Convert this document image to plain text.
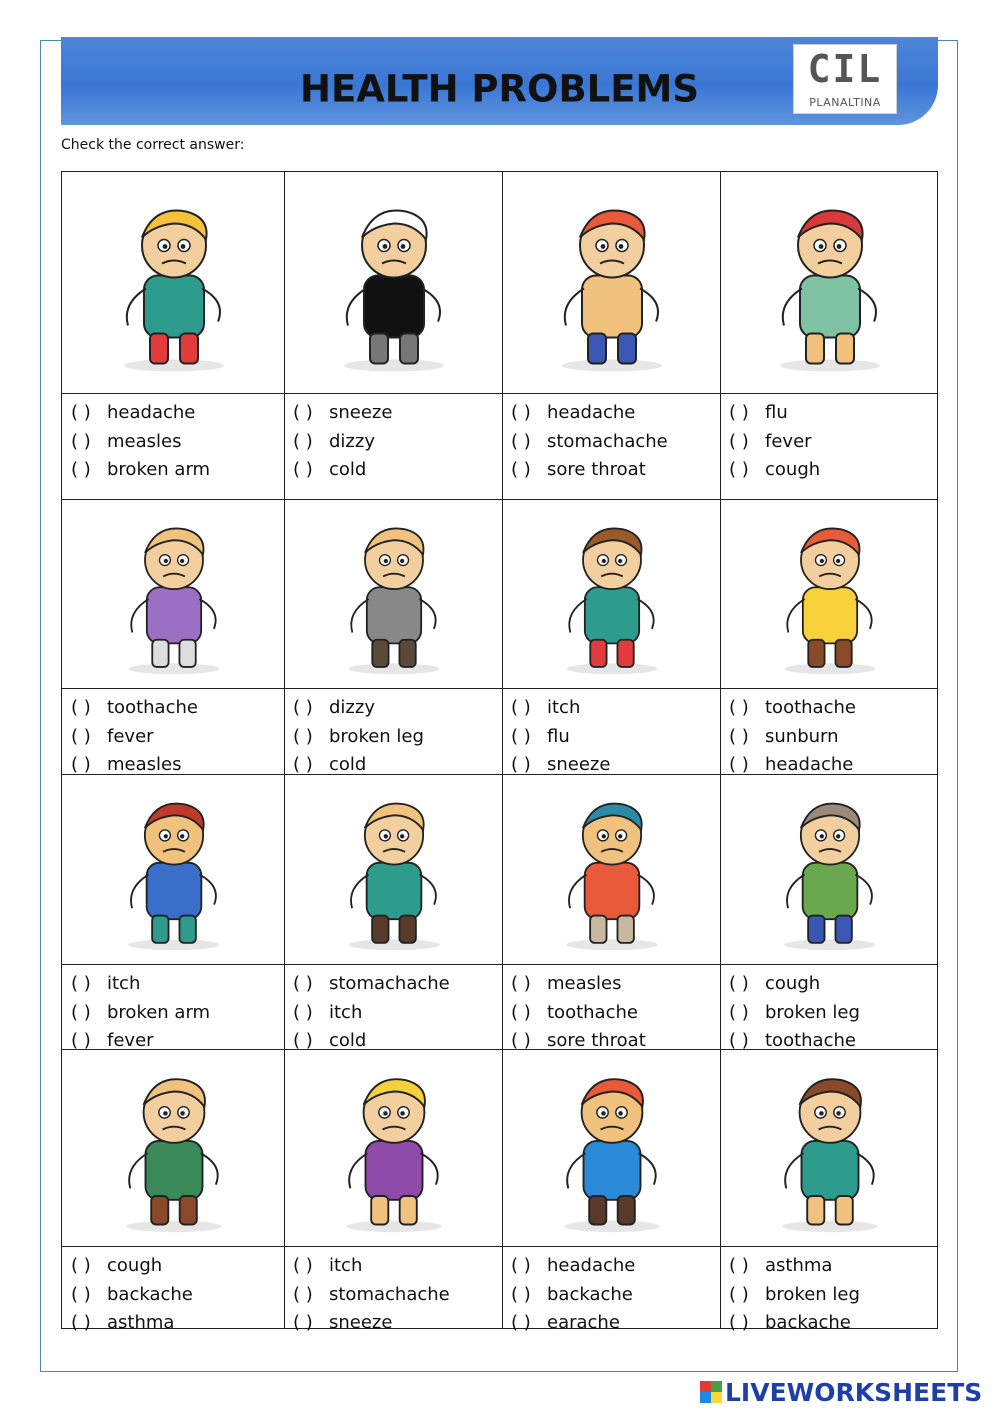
HEALTH PROBLEMS	CIL
PLANALTINA
Check the correct answer:
( ) headache
( ) measles
( ) broken arm
( ) sneeze
( ) dizzy
( ) cold
( ) headache
( ) stomachache
( ) sore throat
( ) flu
( ) fever
( ) cough
( ) toothache
( ) fever
( ) measles
( ) dizzy
( ) broken leg
( ) cold
( ) itch
( ) flu
( ) sneeze
( ) toothache
( ) sunburn
( ) headache
( ) itch
( ) broken arm
( ) fever
( ) stomachache
( ) itch
( ) cold
( ) measles
( ) toothache
( ) sore throat
( ) cough
( ) broken leg
( ) toothache
( ) cough
( ) backache
( ) asthma
( ) itch
( ) stomachache
( ) sneeze
( ) headache
( ) backache
( ) earache
( ) asthma
( ) broken leg
( ) backache
LIVEWORKSHEETS
